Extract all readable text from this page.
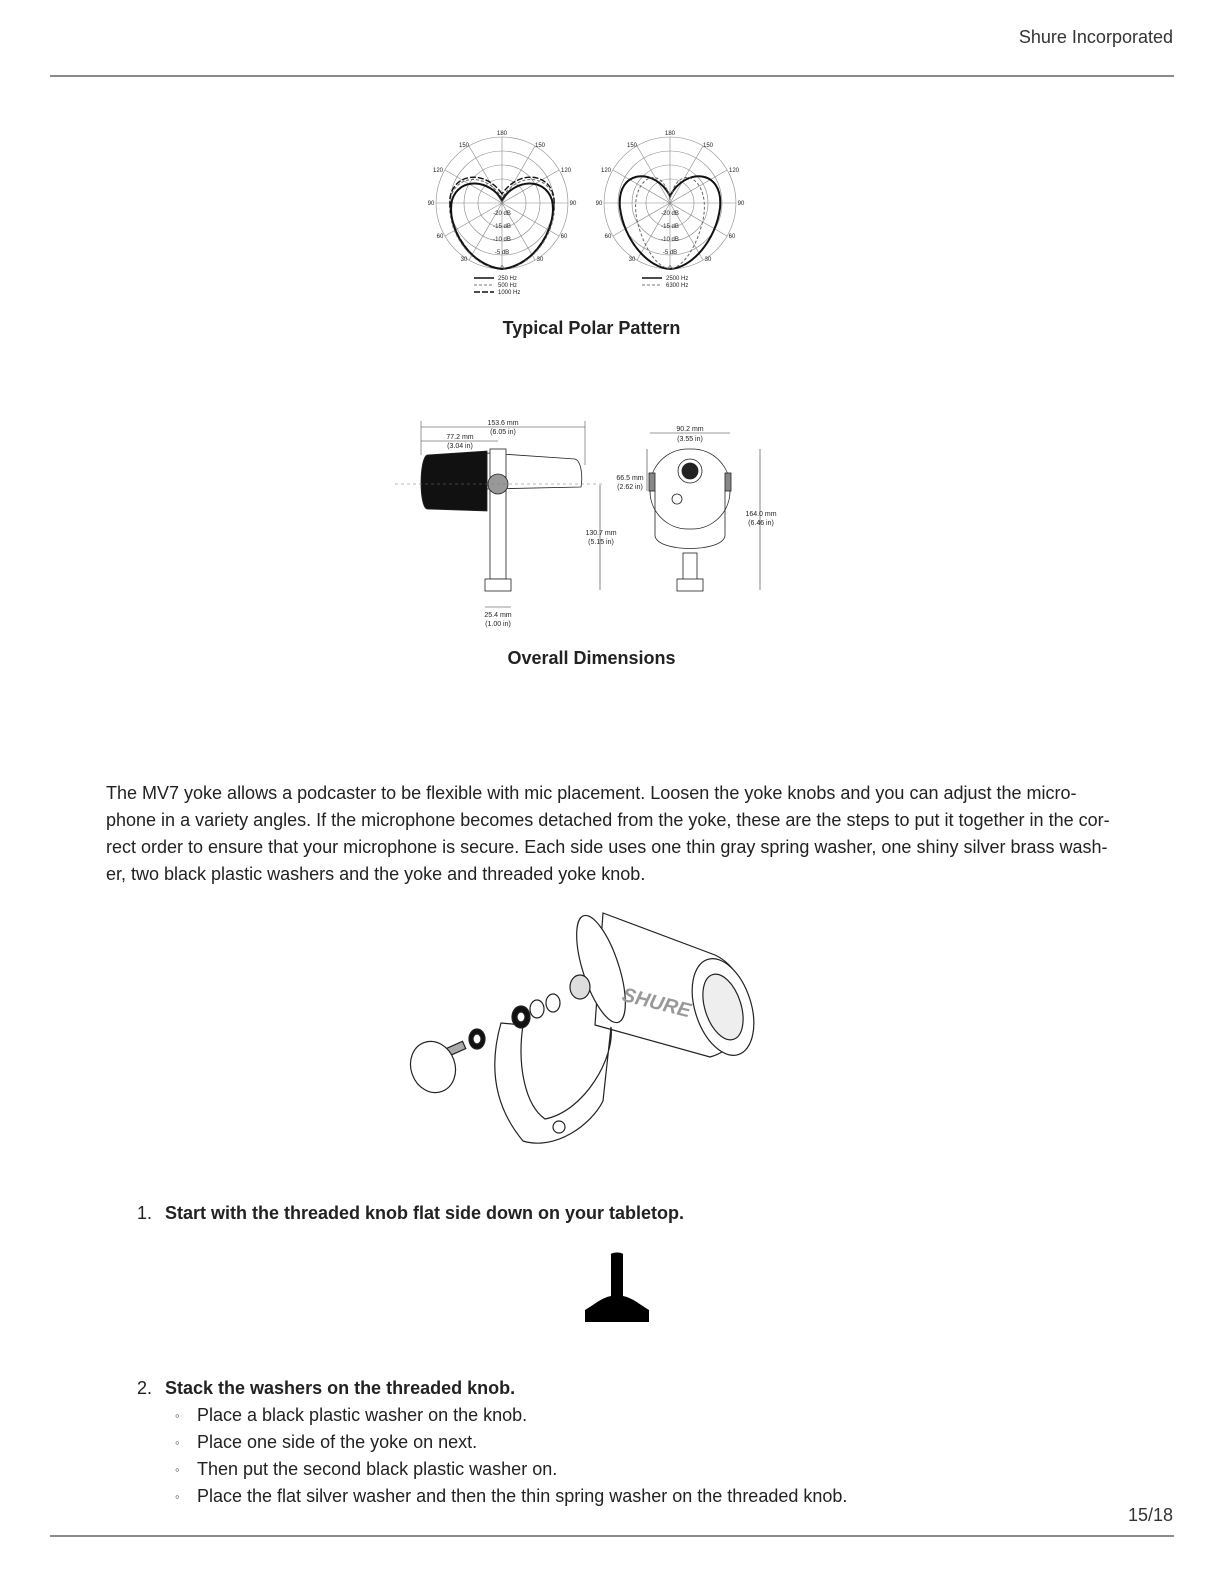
Shure Incorporated
180
150	150
120	120
90	90
60	60
30	30
0
-20 dB
-15 dB
-10 dB
-5 dB
180
150	150
120	120
90	90
60	60
30	30
0
-20 dB
-15 dB
-10 dB
-5 dB
250 Hz
500 Hz
1000 Hz
2500 Hz
6300 Hz
Typical Polar Pattern
153.6 mm
(6.05 in)
77.2 mm
(3.04 in)
130.7 mm
(5.15 in)
25.4 mm
(1.00 in)
90.2 mm
(3.55 in)
66.5 mm
(2.62 in)
164.0 mm
(6.46 in)
Overall Dimensions

The MV7 yoke allows a podcaster to be flexible with mic placement. Loosen the yoke knobs and you can adjust the micro- phone in a variety angles. If the microphone becomes detached from the yoke, these are the steps to put it together in the cor- rect order to ensure that your microphone is secure. Each side uses one thin gray spring washer, one shiny silver brass wash- er, two black plastic washers and the yoke and threaded yoke knob.

SHURE
1. Start with the threaded knob flat side down on your tabletop.
2. Stack the washers on the threaded knob.
◦ Place a black plastic washer on the knob.
◦ Place one side of the yoke on next.
◦ Then put the second black plastic washer on.
◦ Place the flat silver washer and then the thin spring washer on the threaded knob.
15/18
